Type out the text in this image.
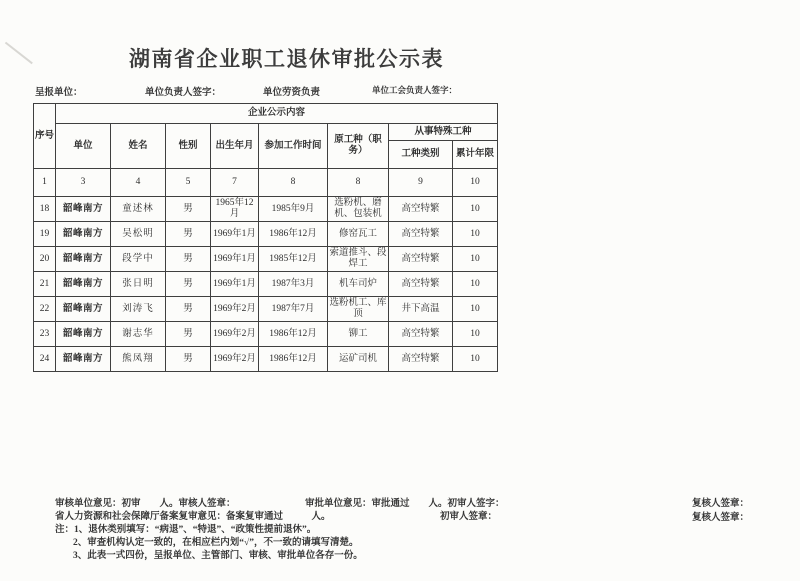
湖南省企业职工退休审批公示表
呈报单位：	单位负责人签字：	单位劳资负责	单位工会负责人签字：
序号	企业公示内容							
	单位	姓名	性别	出生年月	参加工作时间	原工种（职务）	从事特殊工种	
							工种类别	累计年限
1	3	4	5	7	8	8	9	10
18	韶峰南方	童述林	男	1965年12月	1985年9月	选粉机、磨机、包装机	高空特繁	10
19	韶峰南方	吴松明	男	1969年1月	1986年12月	修窑瓦工	高空特繁	10
20	韶峰南方	段学中	男	1969年1月	1985年12月	索道推斗、段焊工	高空特繁	10
21	韶峰南方	张日明	男	1969年1月	1987年3月	机车司炉	高空特繁	10
22	韶峰南方	刘涛飞	男	1969年2月	1987年7月	选粉机工、库顶	井下高温	10
23	韶峰南方	谢志华	男	1969年2月	1986年12月	铆工	高空特繁	10
24	韶峰南方	熊凤翔	男	1969年2月	1986年12月	运矿司机	高空特繁	10
审核单位意见：初审　　人。审核人签章：	审批单位意见：审批通过　　人。初审人签字：	复核人签章：
省人力资源和社会保障厅备案复审意见：备案复审通过　　　人。	初审人签章：	复核人签章：
注：1、退休类别填写：“病退”、“特退”、“政策性提前退休”。
2、审查机构认定一致的，在相应栏内划“√”，不一致的请填写清楚。
3、此表一式四份，呈报单位、主管部门、审核、审批单位各存一份。
